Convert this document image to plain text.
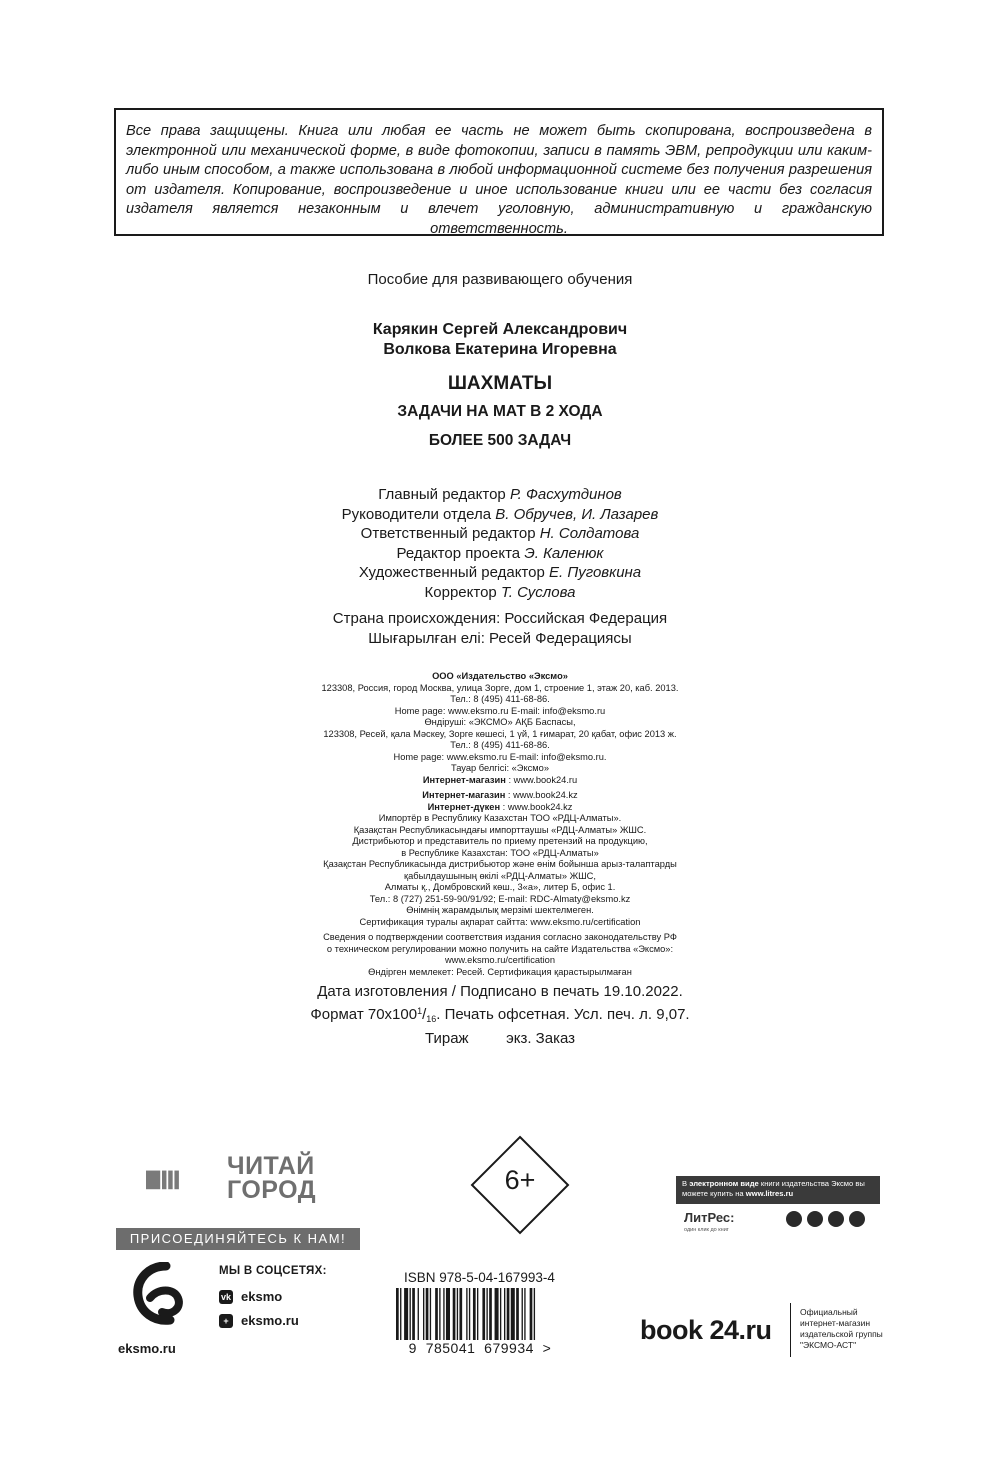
Все права защищены. Книга или любая ее часть не может быть скопирована, воспроизведена в электронной или механической форме, в виде фотокопии, записи в память ЭВМ, репродукции или каким-либо иным способом, а также использована в любой информационной системе без получения разрешения от издателя. Копирование, воспроизведение и иное использование книги или ее части без согласия издателя является незаконным и влечет уголовную, административную и гражданскую ответственность.
Пособие для развивающего обучения
Карякин Сергей Александрович
Волкова Екатерина Игоревна
ШАХМАТЫ
ЗАДАЧИ НА МАТ В 2 ХОДА
БОЛЕЕ 500 ЗАДАЧ
Главный редактор Р. Фасхутдинов
Руководители отдела В. Обручев, И. Лазарев
Ответственный редактор Н. Солдатова
Редактор проекта Э. Каленюк
Художественный редактор Е. Пуговкина
Корректор Т. Суслова
Страна происхождения: Российская Федерация
Шығарылған елі: Ресей Федерациясы
ООО «Издательство «Эксмо»
123308, Россия, город Москва, улица Зорге, дом 1, строение 1, этаж 20, каб. 2013.
Тел.: 8 (495) 411-68-86.
Home page: www.eksmo.ru E-mail: info@eksmo.ru
Өндіруші: «ЭКСМО» АҚБ Баспасы,
123308, Ресей, қала Мәскеу, Зорге көшесі, 1 үй, 1 ғимарат, 20 қабат, офис 2013 ж.
Тел.: 8 (495) 411-68-86.
Home page: www.eksmo.ru E-mail: info@eksmo.ru.
Тауар белгісі: «Эксмо»
Интернет-магазин : www.book24.ru
Интернет-магазин : www.book24.kz
Интернет-дүкен : www.book24.kz
Импортёр в Республику Казахстан ТОО «РДЦ-Алматы».
Қазақстан Республикасындағы импорттаушы «РДЦ-Алматы» ЖШС.
Дистрибьютор и представитель по приему претензий на продукцию,
в Республике Казахстан: ТОО «РДЦ-Алматы»
Қазақстан Республикасында дистрибьютор және өнім бойынша арыз-талаптарды
қабылдаушының өкілі «РДЦ-Алматы» ЖШС,
Алматы қ., Домбровский көш., 3«а», литер Б, офис 1.
Тел.: 8 (727) 251-59-90/91/92; E-mail: RDC-Almaty@eksmo.kz
Өнімнің жарамдылық мерзімі шектелмеген.
Сертификация туралы ақпарат сайтта: www.eksmo.ru/certification
Сведения о подтверждении соответствия издания согласно законодательству РФ
о техническом регулировании можно получить на сайте Издательства «Эксмо»:
www.eksmo.ru/certification
Өндірген мемлекет: Ресей. Сертификация қарастырылмаған
Дата изготовления / Подписано в печать 19.10.2022.
Формат $70x100^1/_{16}$. Печать офсетная. Усл. печ. л. 9,07.
Тираж         экз. Заказ
ЧИТАЙ
ГОРОД
ПРИСОЕДИНЯЙТЕСЬ К НАМ!
eksmo.ru
МЫ В СОЦСЕТЯХ:
vk eksmo
+ eksmo.ru
6+
ISBN 978-5-04-167993-4
9  785041  679934  >
В электронном виде книги издательства Эксмо вы можете купить на www.litres.ru
ЛитРес:
один клик до книг
book 24.ru
Официальный
интернет-магазин
издательской группы
"ЭКСМО-АСТ"
